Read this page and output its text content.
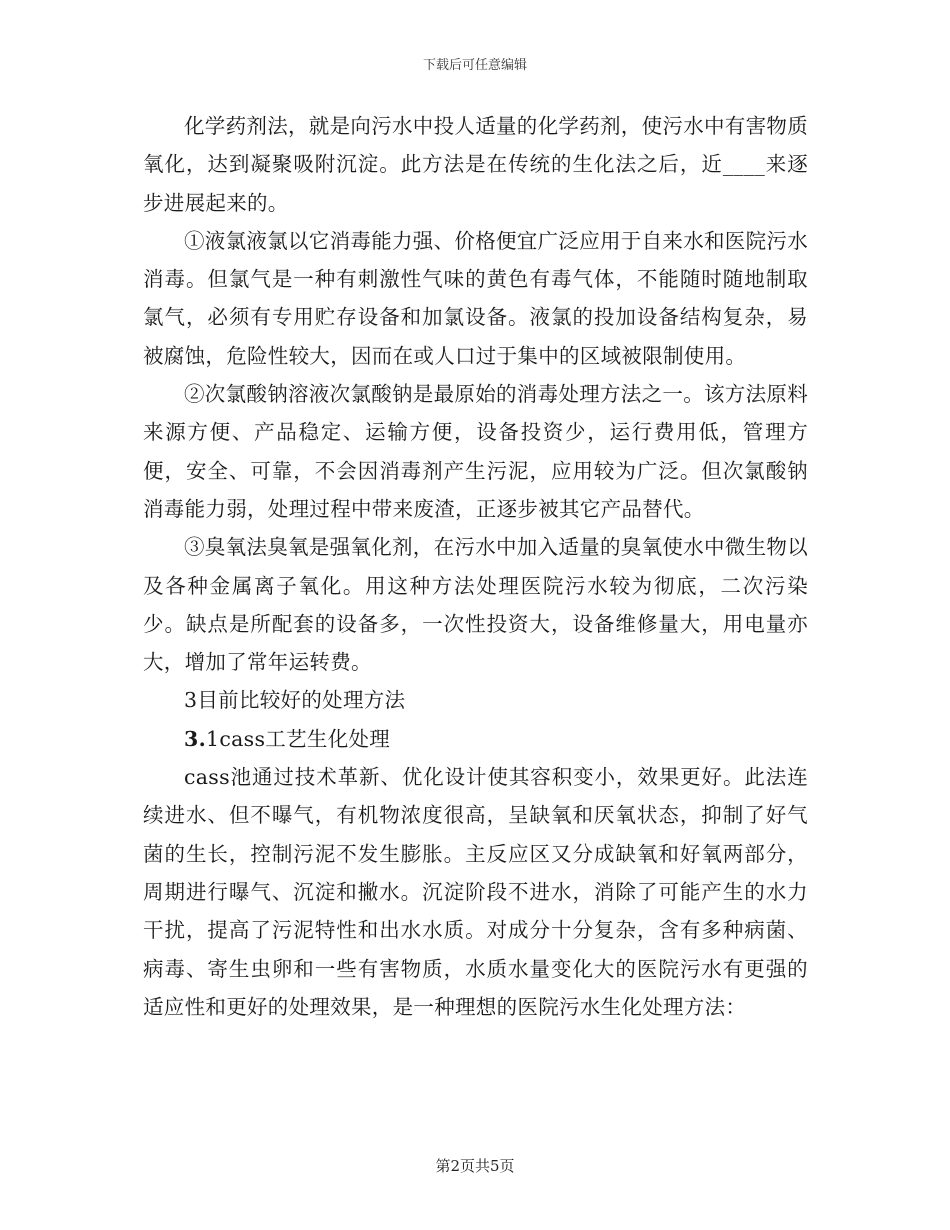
下载后可任意编辑

化学药剂法，就是向污水中投人适量的化学药剂，使污水中有害物质氧化，达到凝聚吸附沉淀。此方法是在传统的生化法之后，近____来逐步进展起来的。

①液氯液氯以它消毒能力强、价格便宜广泛应用于自来水和医院污水消毒。但氯气是一种有刺激性气味的黄色有毒气体，不能随时随地制取氯气，必须有专用贮存设备和加氯设备。液氯的投加设备结构复杂，易被腐蚀，危险性较大，因而在或人口过于集中的区域被限制使用。

②次氯酸钠溶液次氯酸钠是最原始的消毒处理方法之一。该方法原料来源方便、产品稳定、运输方便，设备投资少，运行费用低，管理方便，安全、可靠，不会因消毒剂产生污泥，应用较为广泛。但次氯酸钠消毒能力弱，处理过程中带来废渣，正逐步被其它产品替代。

③臭氧法臭氧是强氧化剂，在污水中加入适量的臭氧使水中微生物以及各种金属离子氧化。用这种方法处理医院污水较为彻底，二次污染少。缺点是所配套的设备多，一次性投资大，设备维修量大，用电量亦大，增加了常年运转费。

3目前比较好的处理方法

3.1cass工艺生化处理

cass池通过技术革新、优化设计使其容积变小，效果更好。此法连续进水、但不曝气，有机物浓度很高，呈缺氧和厌氧状态，抑制了好气菌的生长，控制污泥不发生膨胀。主反应区又分成缺氧和好氧两部分，周期进行曝气、沉淀和撇水。沉淀阶段不进水，消除了可能产生的水力干扰，提高了污泥特性和出水水质。对成分十分复杂，含有多种病菌、病毒、寄生虫卵和一些有害物质，水质水量变化大的医院污水有更强的适应性和更好的处理效果，是一种理想的医院污水生化处理方法：

第2页共5页
